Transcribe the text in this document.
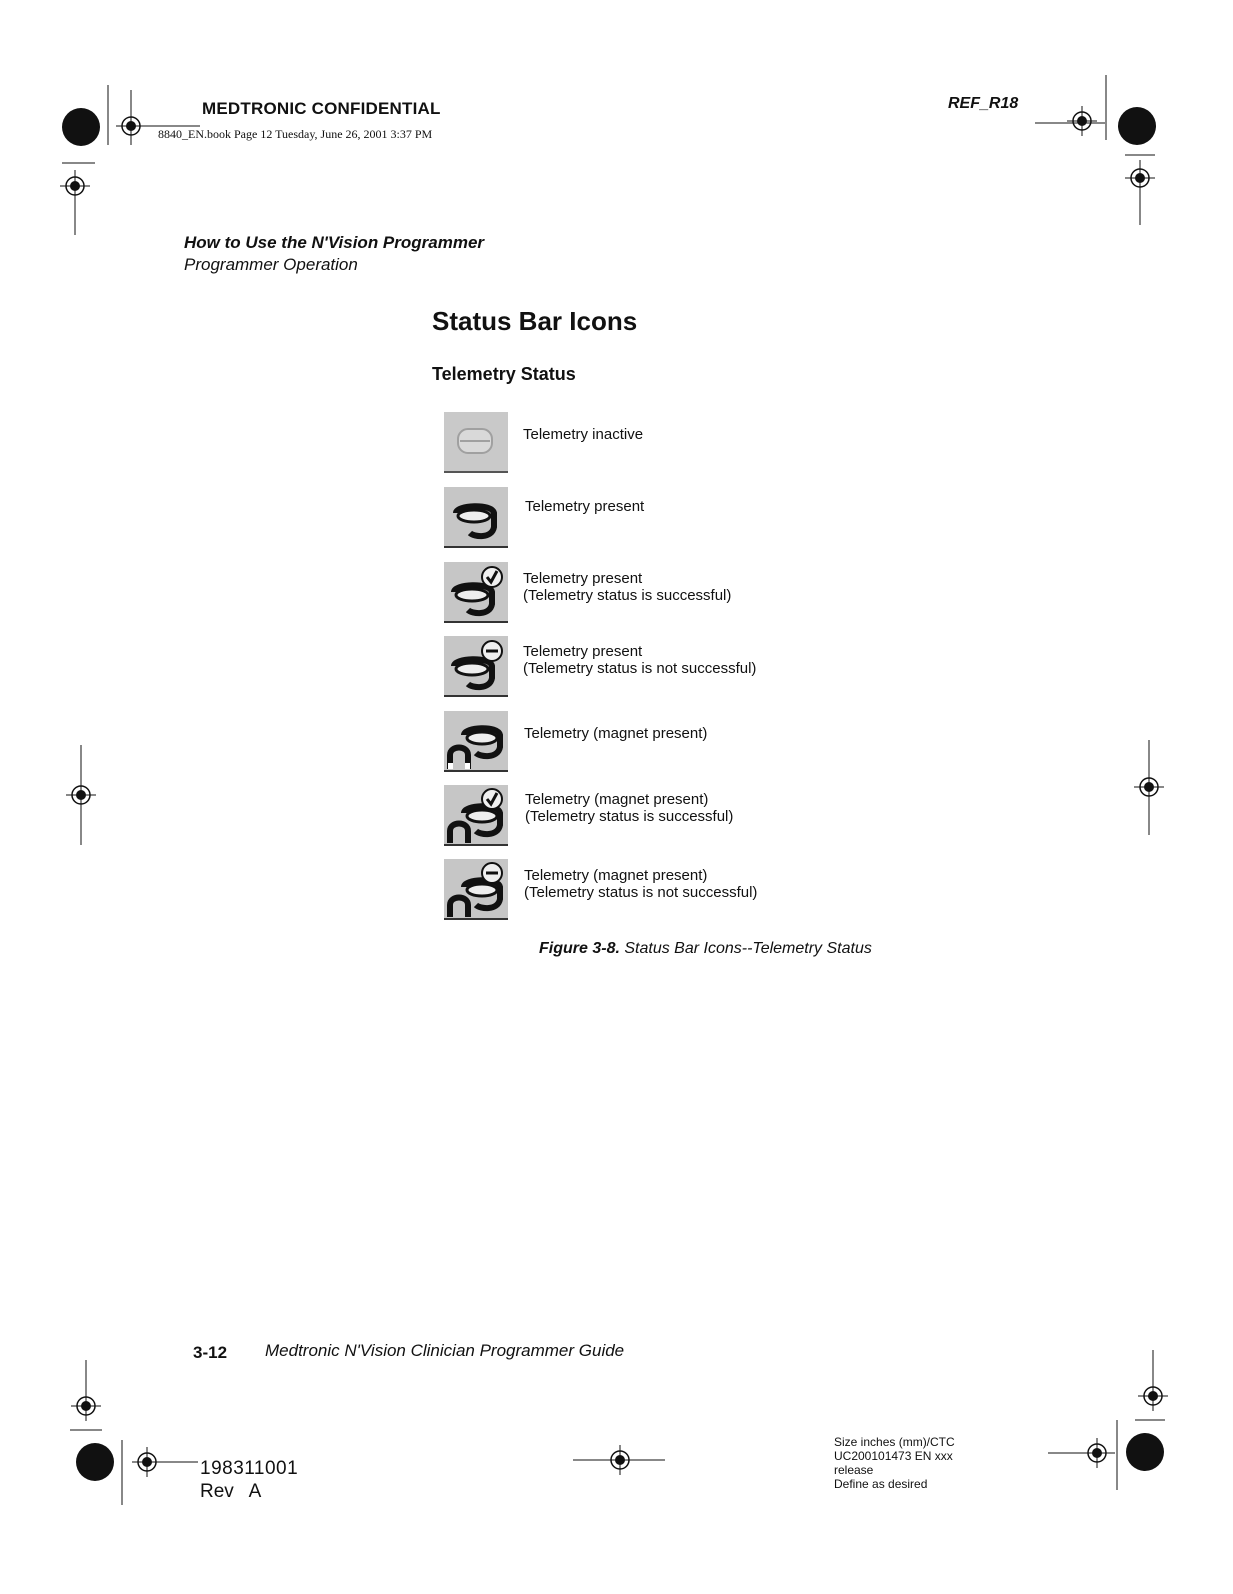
MEDTRONIC CONFIDENTIAL
8840_EN.book Page 12 Tuesday, June 26, 2001 3:37 PM
REF_R18
How to Use the N'Vision Programmer
Programmer Operation
Status Bar Icons
Telemetry Status
Telemetry inactive
Telemetry present
Telemetry present
(Telemetry status is successful)
Telemetry present
(Telemetry status is not successful)
Telemetry (magnet present)
Telemetry (magnet present)
(Telemetry status is successful)
Telemetry (magnet present)
(Telemetry status is not successful)
Figure 3-8. Status Bar Icons--Telemetry Status
3-12 Medtronic N'Vision Clinician Programmer Guide
198311001
Rev   A
Size inches (mm)/CTC
UC200101473 EN xxx
release
Define as desired
